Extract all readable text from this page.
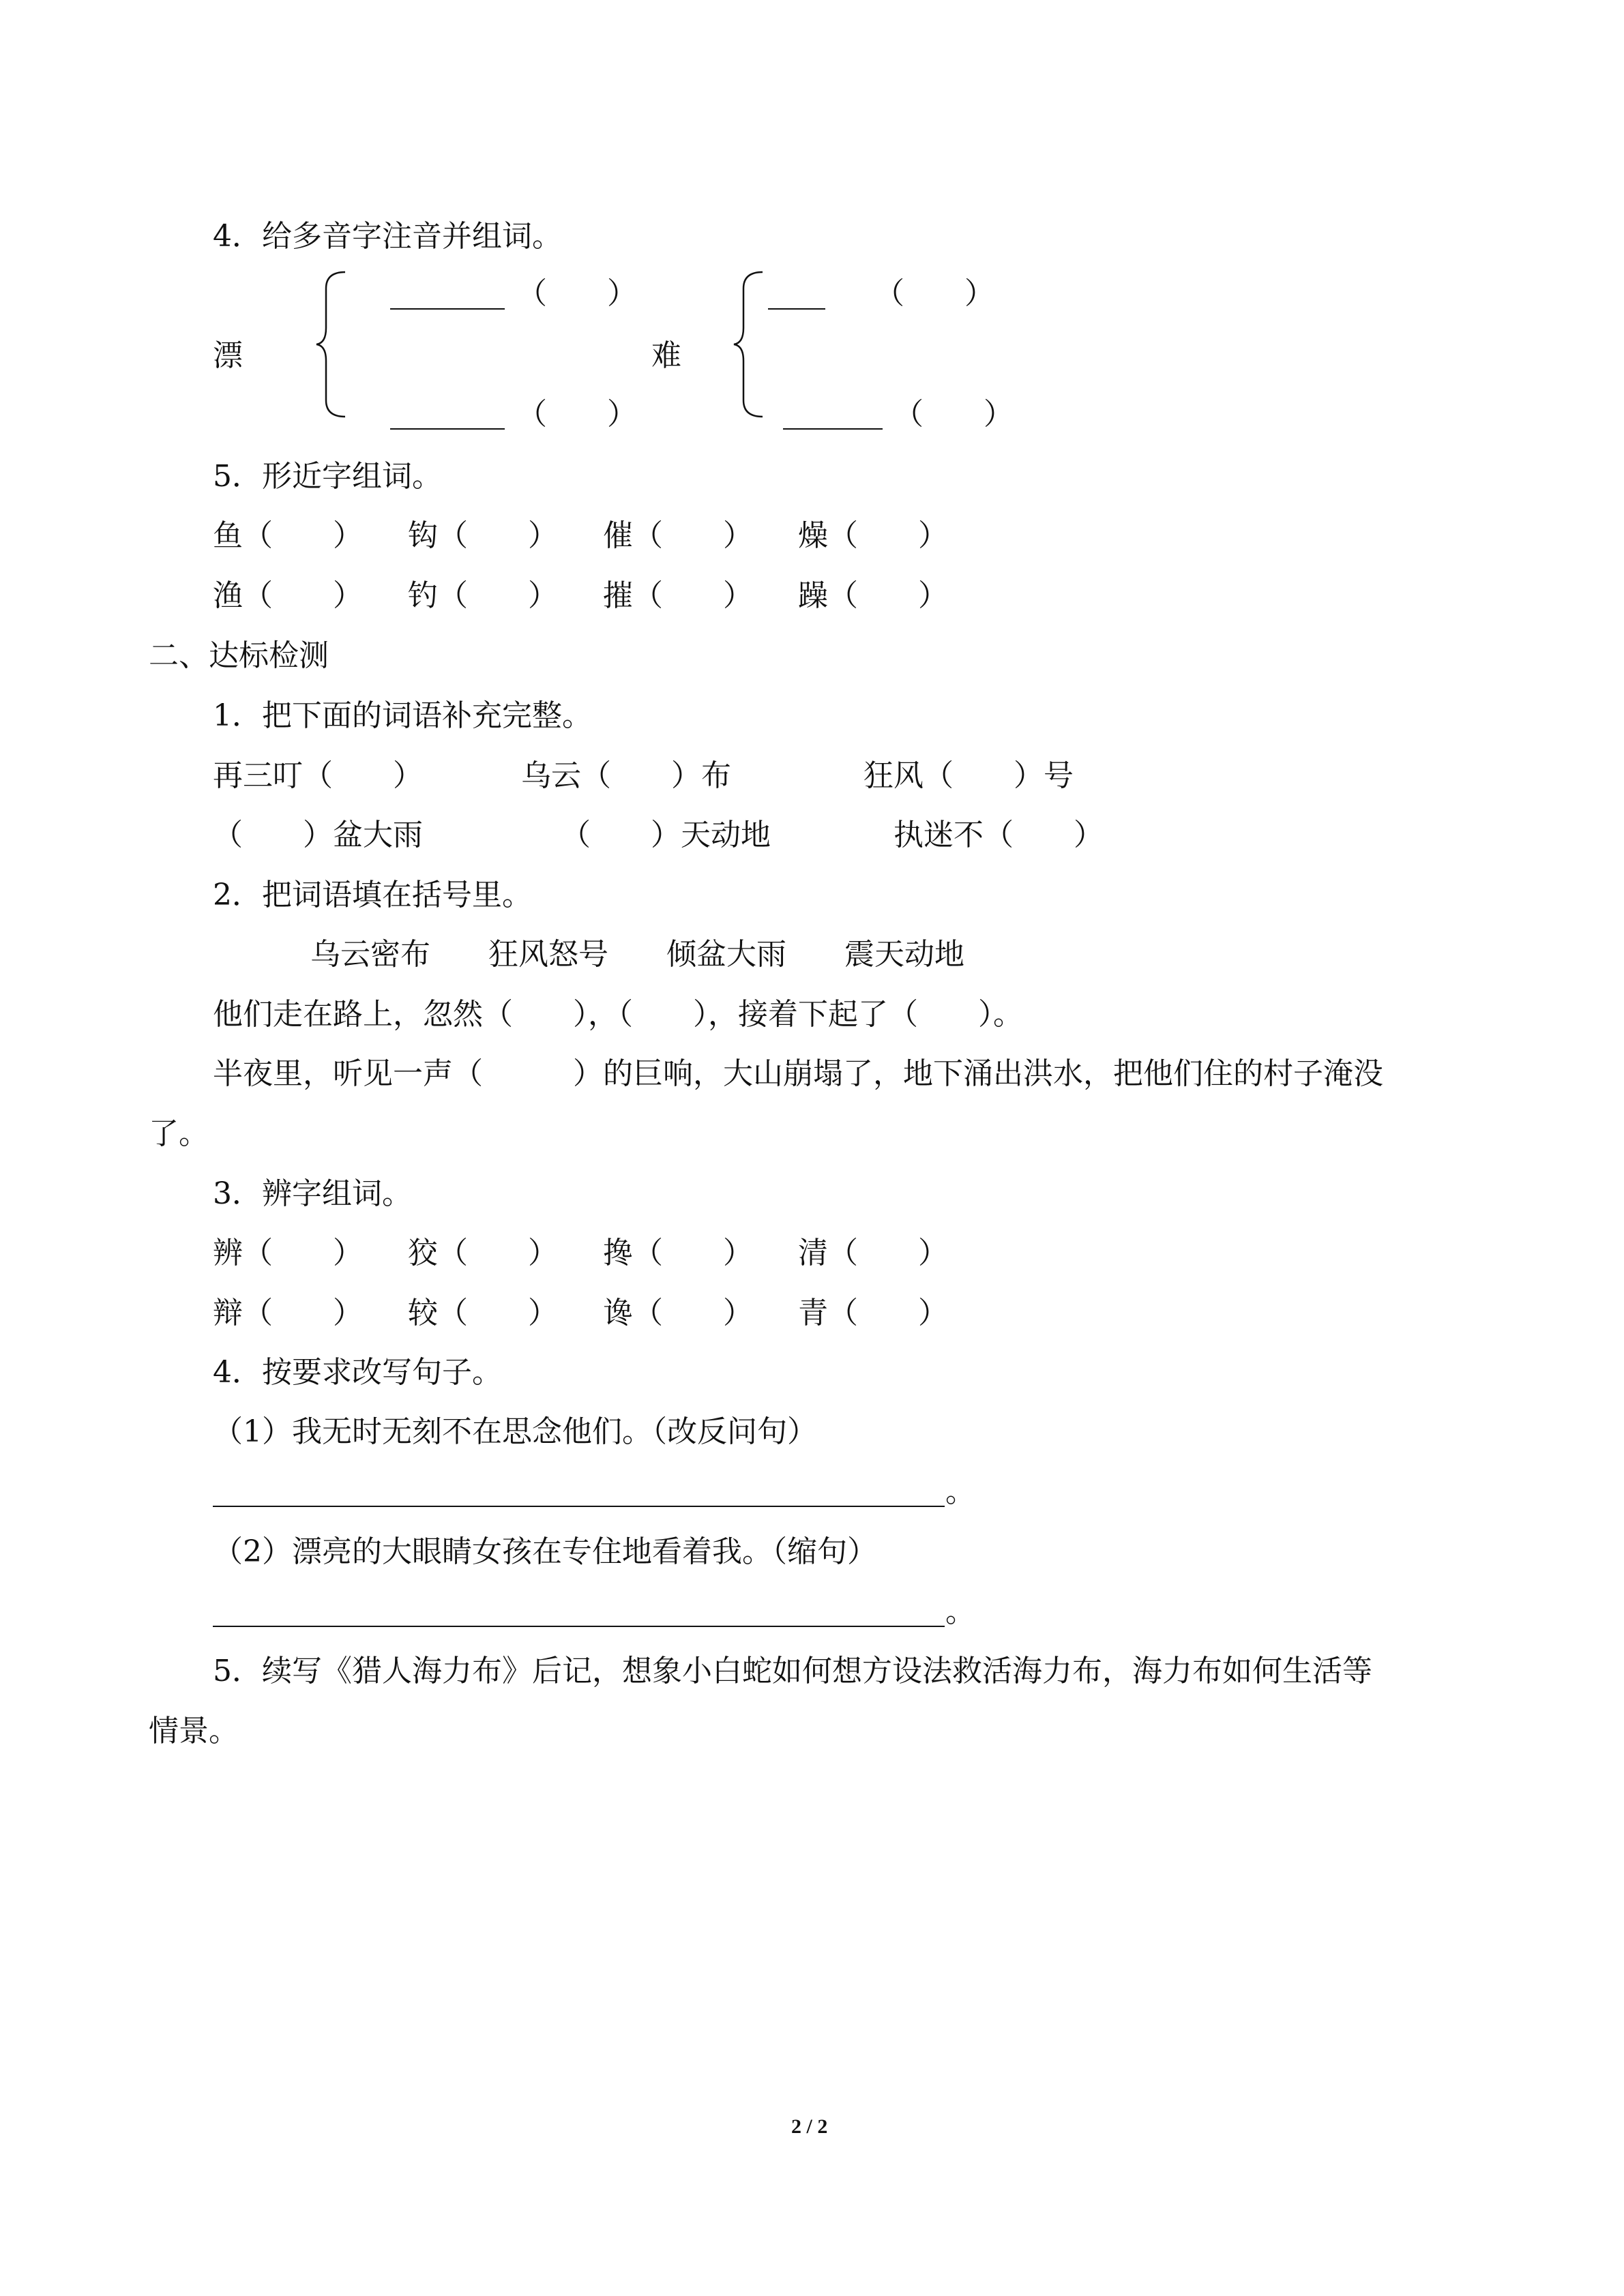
4．给多音字注音并组词。
（　　）
漂
（　　）
（　　）
难
（　　）
5．形近字组词。
鱼（　　） 钩（　　） 催（　　） 燥（　　）
渔（　　） 钓（　　） 摧（　　） 躁（　　）
二、达标检测
1．把下面的词语补充完整。
再三叮（　　）	乌云（　　）布	狂风（　　）号
（　　）盆大雨	（　　）天动地	执迷不（　　）
2．把词语填在括号里。
乌云密布 狂风怒号 倾盆大雨 震天动地
他们走在路上，忽然（　　），（　　），接着下起了（　　）。
半夜里，听见一声（　　　）的巨响，大山崩塌了，地下涌出洪水，把他们住的村子淹没
了。
3．辨字组词。
辨（　　） 狡（　　） 搀（　　） 清（　　）
辩（　　） 较（　　） 谗（　　） 青（　　）
4．按要求改写句子。
（1）我无时无刻不在思念他们。（改反问句）
。
（2）漂亮的大眼睛女孩在专住地看着我。（缩句）
。
5．续写《猎人海力布》后记，想象小白蛇如何想方设法救活海力布，海力布如何生活等
情景。
2 / 2
